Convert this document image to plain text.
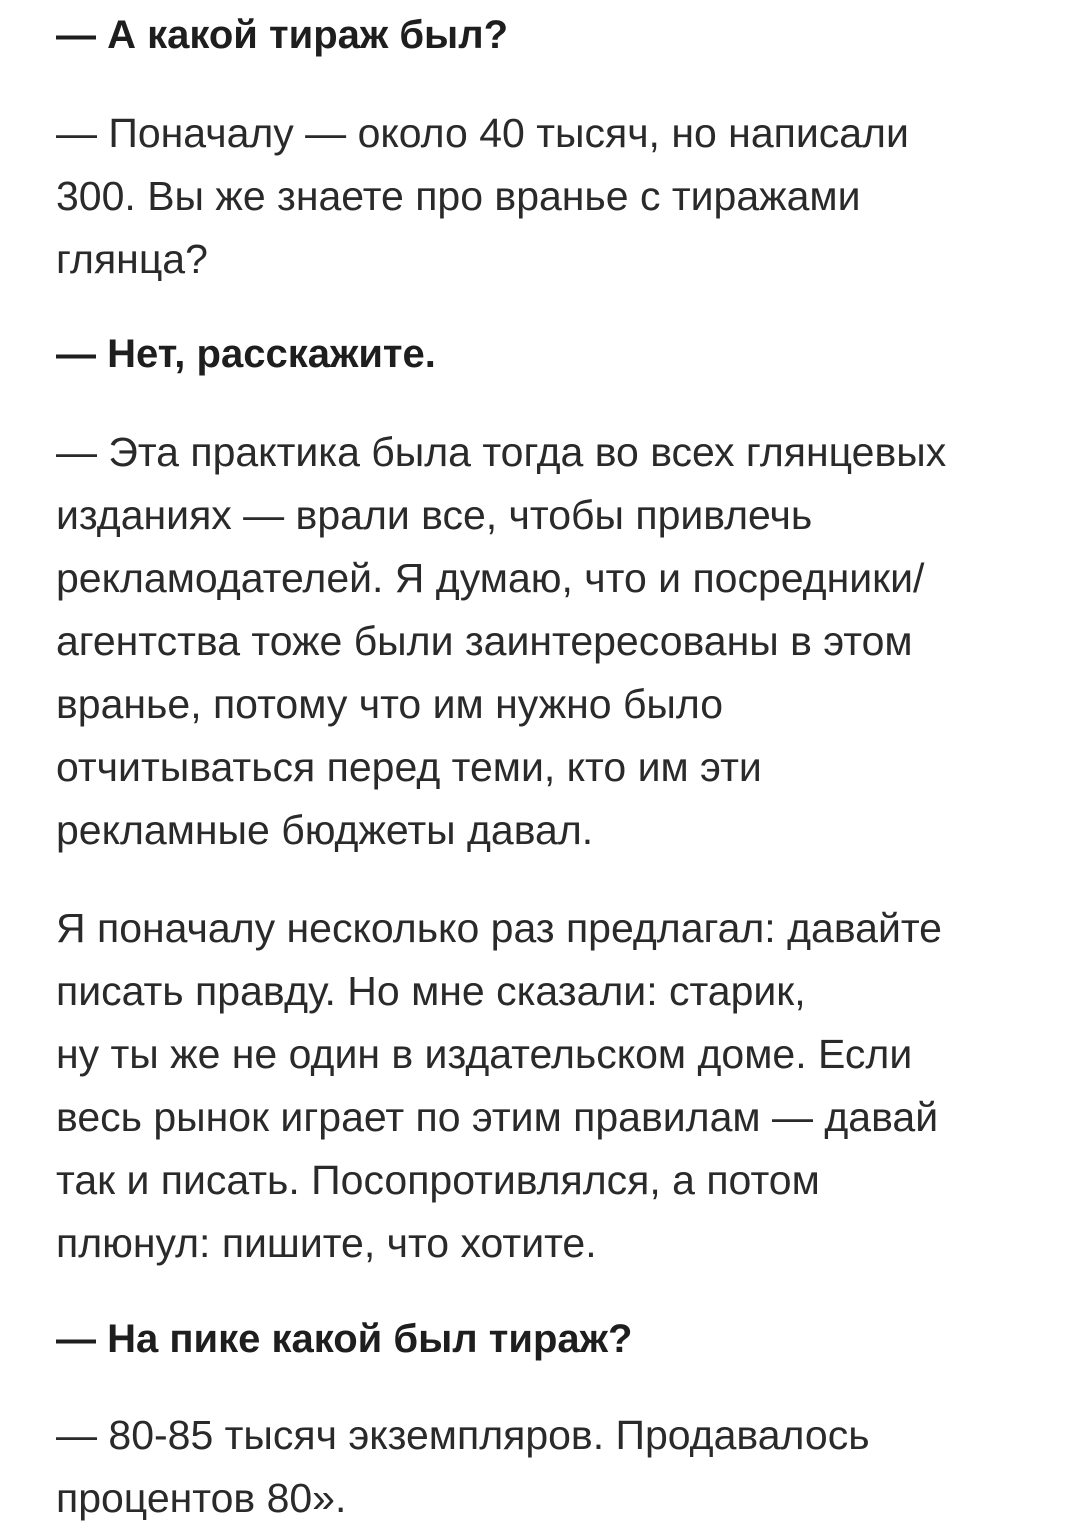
— А какой тираж был?

— Поначалу — около 40 тысяч, но написали
300. Вы же знаете про вранье с тиражами
глянца?

— Нет, расскажите.

— Эта практика была тогда во всех глянцевых
изданиях — врали все, чтобы привлечь
рекламодателей. Я думаю, что и посредники/
агентства тоже были заинтересованы в этом
вранье, потому что им нужно было
отчитываться перед теми, кто им эти
рекламные бюджеты давал.

Я поначалу несколько раз предлагал: давайте
писать правду. Но мне сказали: старик,
ну ты же не один в издательском доме. Если
весь рынок играет по этим правилам — давай
так и писать. Посопротивлялся, а потом
плюнул: пишите, что хотите.

— На пике какой был тираж?

— 80-85 тысяч экземпляров. Продавалось
процентов 80».
